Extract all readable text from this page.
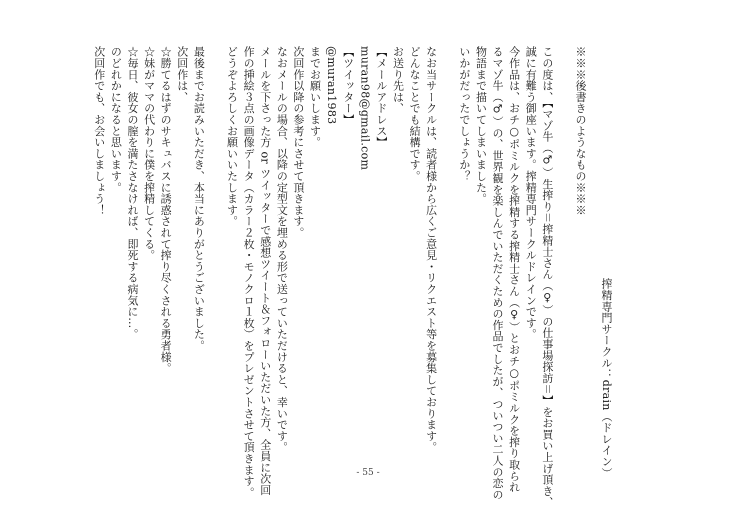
※※※後書きのようなもの※※※
この度は、【マゾ牛（♂）生搾り＝搾精士さん（♀）の仕事場探訪＝】をお買い上げ頂き、
誠に有難う御座います。搾精専門サークルドレインです。
今作品は、おチ○ポミルクを搾精する搾精士さん（♀）とおチ○ポミルクを搾り取られ
るマゾ牛（♂）の、世界観を楽しんでいただくための作品でしたが、ついつい二人の恋の
物語まで描いてしまいました。
いかがだったでしょうか？
なお当サークルは、読者様から広くご意見・リクエスト等を募集しております。
どんなことでも結構です。
お送り先は、
【メールアドレス】
muran98@gmail.com
【ツイッター】
@muran1983
までお願いします。
次回作以降の参考にさせて頂きます。
なおメールの場合、以降の定型文を埋める形で送っていただけると、幸いです。
メールを下さった方 or ツイッターで感想ツイート＆フォローいただいた方、全員に次回
作の挿絵３点の画像データ（カラー２枚・モノクロ１枚）をプレゼントさせて頂きます。
どうぞよろしくお願いいたします。
最後までお読みいただき、本当にありがとうございました。
次回作は、
☆勝てるはずのサキュバスに誘惑されて搾り尽くされる勇者様。
☆妹がママの代わりに僕を搾精してくる。
☆毎日、彼女の膣を満たさなければ、即死する病気に…。
のどれかになると思います。
次回作でも、お会いしましょう！
搾精専門サークル：drain（ドレイン）
- 55 -
